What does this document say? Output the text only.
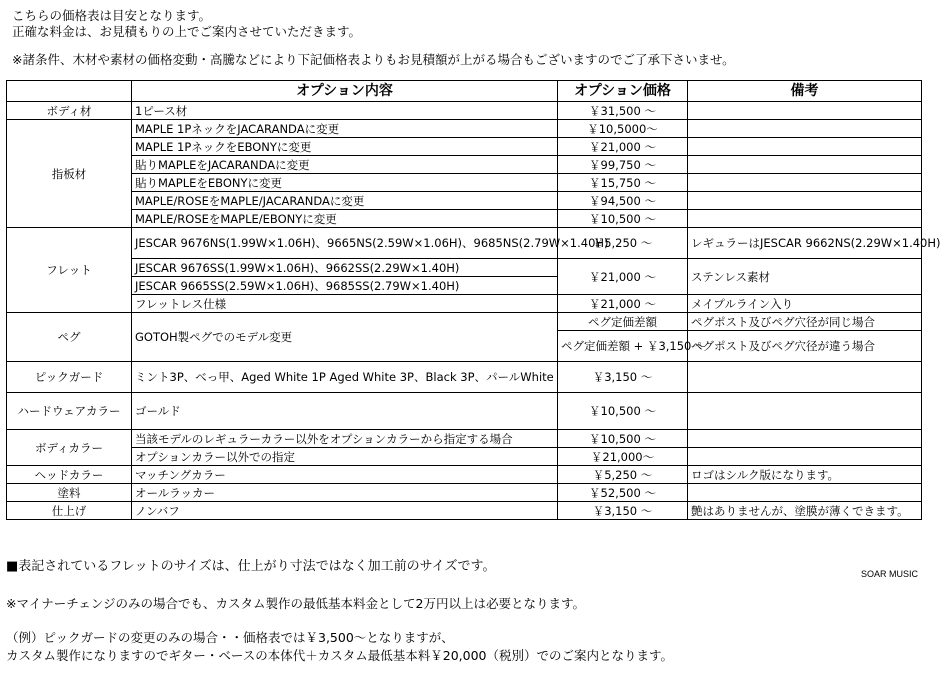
こちらの価格表は目安となります。
正確な料金は、お見積もりの上でご案内させていただきます。
※諸条件、木材や素材の価格変動・高騰などにより下記価格表よりもお見積額が上がる場合もございますのでご了承下さいませ。
	オプション内容	オプション価格	備考
ボディ材	1ピース材	￥31,500 ～	
指板材	MAPLE 1PネックをJACARANDAに変更	￥10,5000～	
	MAPLE 1PネックをEBONYに変更	￥21,000 ～	
	貼りMAPLEをJACARANDAに変更	￥99,750 ～	
	貼りMAPLEをEBONYに変更	￥15,750 ～	
	MAPLE/ROSEをMAPLE/JACARANDAに変更	￥94,500 ～	
	MAPLE/ROSEをMAPLE/EBONYに変更	￥10,500 ～	
フレット	JESCAR 9676NS(1.99W×1.06H)、9665NS(2.59W×1.06H)、9685NS(2.79W×1.40H)	￥5,250 ～	レギュラーはJESCAR 9662NS(2.29W×1.40H)
	JESCAR 9676SS(1.99W×1.06H)、9662SS(2.29W×1.40H)	￥21,000 ～	ステンレス素材
	JESCAR 9665SS(2.59W×1.06H)、9685SS(2.79W×1.40H)		
	フレットレス仕様	￥21,000 ～	メイプルライン入り
ペグ	GOTOH製ペグでのモデル変更	ペグ定価差額	ペグポスト及びペグ穴径が同じ場合
		ペグ定価差額 + ￥3,150 ～	ペグポスト及びペグ穴径が違う場合
ピックガード	ミント3P、べっ甲、Aged White 1P Aged White 3P、Black 3P、パールWhite	￥3,150 ～	
ハードウェアカラー	ゴールド	￥10,500 ～	
ボディカラー	当該モデルのレギュラーカラー以外をオプションカラーから指定する場合	￥10,500 ～	
	オプションカラー以外での指定	￥21,000～	
ヘッドカラー	マッチングカラー	￥5,250 ～	ロゴはシルク版になります。
塗料	オールラッカー	￥52,500 ～	
仕上げ	ノンバフ	￥3,150 ～	艶はありませんが、塗膜が薄くできます。
■表記されているフレットのサイズは、仕上がり寸法ではなく加工前のサイズです。	SOAR MUSIC
※マイナーチェンジのみの場合でも、カスタム製作の最低基本料金として2万円以上は必要となります。
（例）ピックガードの変更のみの場合・・価格表では￥3,500～となりますが、
カスタム製作になりますのでギター・ベースの本体代＋カスタム最低基本料￥20,000（税別）でのご案内となります。
